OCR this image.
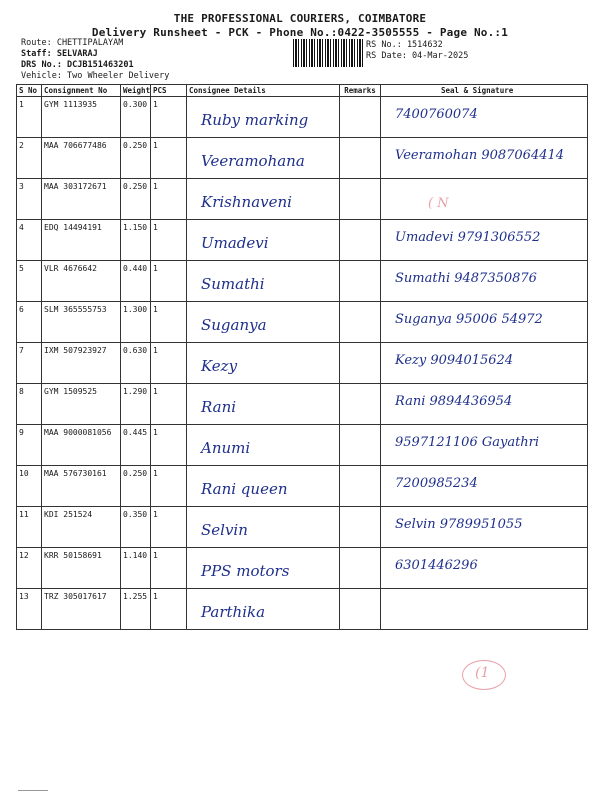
THE PROFESSIONAL COURIERS, COIMBATORE
Delivery Runsheet - PCK - Phone No.:0422-3505555 - Page No.:1
Route: CHETTIPALAYAM
Staff: SELVARAJ
DRS No.: DCJB151463201
Vehicle: Two Wheeler Delivery
RS No.: 1514632
RS Date: 04-Mar-2025
S No	Consignment No	Weight	PCS	Consignee Details	Remarks	Seal & Signature
1	GYM 1113935	0.300	1	Ruby marking		7400760074

2	MAA 706677486	0.250	1	Veeramohana		Veeramohan 9087064414

3	MAA 303172671	0.250	1	Krishnaveni		

4	EDQ 14494191	1.150	1	Umadevi		Umadevi 9791306552

5	VLR 4676642	0.440	1	Sumathi		Sumathi 9487350876

6	SLM 365555753	1.300	1	Suganya		Suganya 95006 54972

7	IXM 507923927	0.630	1	Kezy		Kezy 9094015624

8	GYM 1509525	1.290	1	Rani		Rani 9894436954

9	MAA 9000081056	0.445	1	Anumi		9597121106 Gayathri

10	MAA 576730161	0.250	1	Rani queen		7200985234

11	KDI 251524	0.350	1	Selvin		Selvin 9789951055

12	KRR 50158691	1.140	1	PPS motors		6301446296

13	TRZ 305017617	1.255	1	Parthika		

( N
(1
